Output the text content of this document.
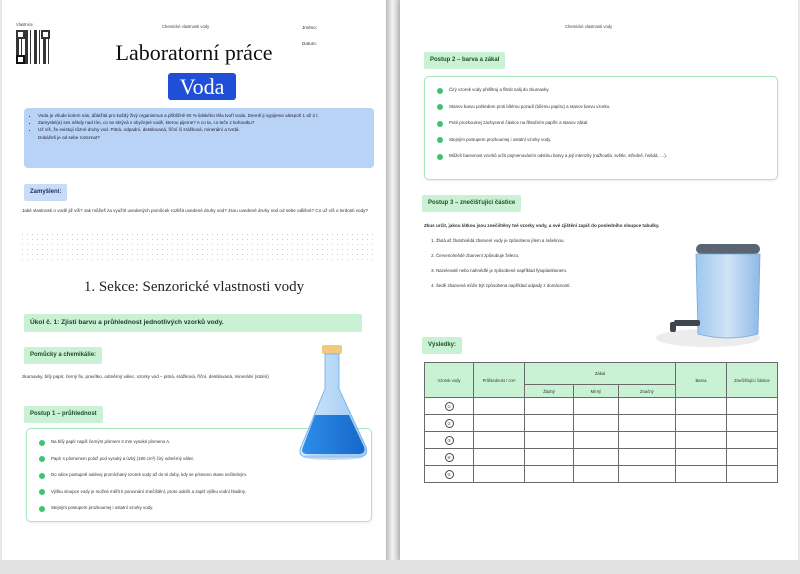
Vlastnice	Chemické vlastnosti vody	Jméno:
Datum:
Laboratorní práce
Voda
• Voda je všude kolem nás, důležitá pro každý živý organismus a přibližně 60 % lidského těla tvoří voda. Denně ji vypijeme alespoň 1 až 2 l.
• Zamyslel(a) ses někdy nad tím, co se skrývá v obyčejné vodě, kterou pijeme? A co ta, co teče z kohoutku?
• Už víš, že existují různé druhy vod. Pitná, odpadní, destilovaná, říční či srážková, minerální a tvrdá.
Dokážeš je od sebe rozeznat?
Zamyšlení:
Jaké vlastnosti o vodě již víš? Jak můžeš za využití uvedených pomůcek rozlišit uvedené druhy vod? Jsou uvedené druhy vod od sebe odlišné? Co už víš o tvrdosti vody?
1. Sekce: Senzorické vlastnosti vody
Úkol č. 1: Zjisti barvu a průhlednost jednotlivých vzorků vody.
Pomůcky a chemikálie:
zkumavky, bílý papír, černý fix, pravítko, odměrný válec, vzorky vod – pitná, srážková, říční, destilovaná, minerální (stolní)
Postup 1 – průhlednost
Na bílý papír napiš černým písmem 3 mm vysoké písmeno A.
Papír s písmenem polož pod vysoký a úzký (180 cm³) čirý odměrný válec.
Do válce postupně nalévej promíchaný vzorek vody až do té doby, kdy se písmeno stane nečitelným.
Výšku sloupce vody je možné měřit k porovnání znečištění, proto odečti a zapiš výšku vodní hladiny.
Stejným postupem prozkoumej i ostatní vzorky vody.
Chemické vlastnosti vody
Postup 2 – barva a zákal
Čirý vzorek vody přefiltruj a filtrát nalij do zkumavky.
Stanov barvu pohledem proti bílému pozadí (bílému papíru) a stanov barvu vzorku.
Poté prozkoumej zachycené částice na filtračním papíře a stanov zákal.
Stejným postupem prozkoumej i ostatní vzorky vody.
Můžeš barevnost vzorků určit pojmenováním odstínu barvy a její intenzity (nažloutlá, světle, středně, hnědá, …).
Postup 3 – znečišťující částice
Zkus určit, jakou látkou jsou znečištěny tvé vzorky vody, a své zjištění zapiš do posledního sloupce tabulky.
1. Žlutá až žlutohnědá zbarvení vody je způsobeno jílem a rašelinou.
2. Červenohnědé zbarvení způsobuje železo.
3. Nazelenalé nebo nahnědlé je způsobené například fytoplanktonem.
4. Šedě zbarvená může být způsobena například odpady z domácností.
Výsledky:
Vzorek vody	Průhlednost / cm³	Zákal			Barva	Znečišťující částice
		Žádný	Mírný	Značný		
①						
②						
③						
④						
⑤						
